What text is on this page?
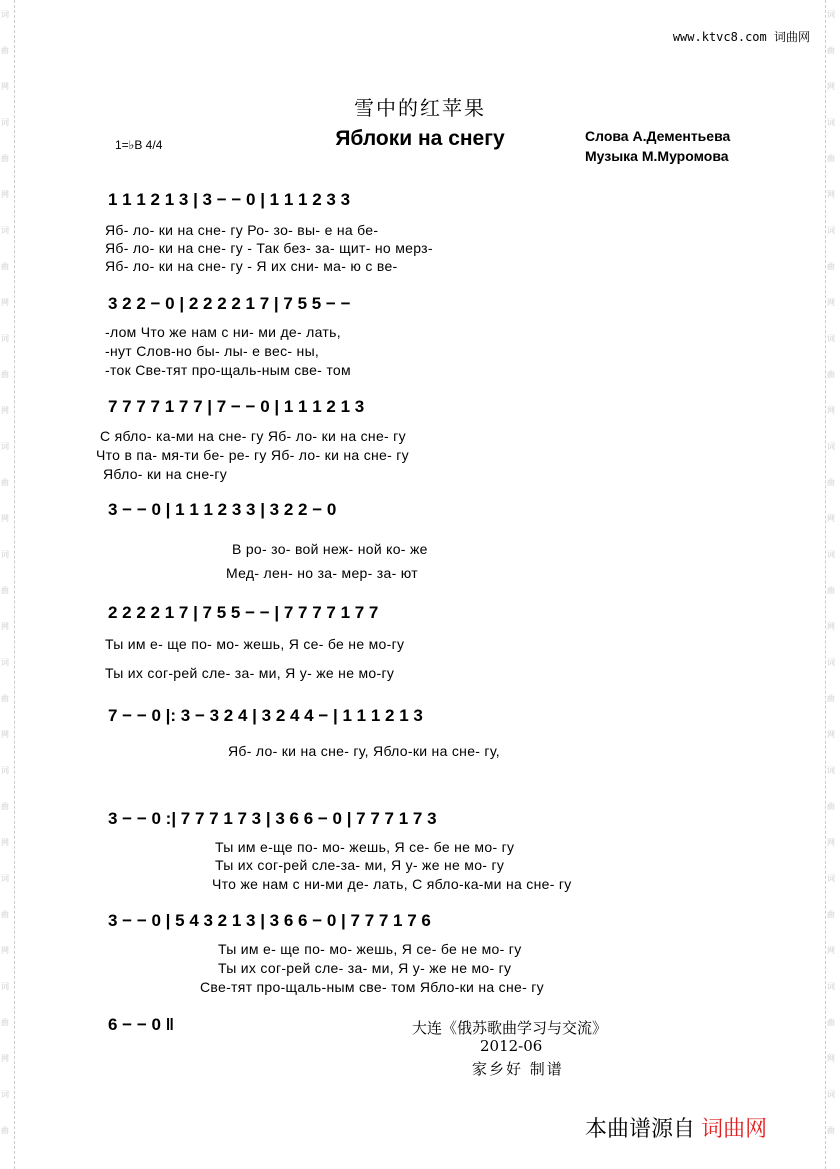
词
曲
网
词
曲
网
词
曲
网
词
曲
网
词
曲
网
词
曲
网
词
曲
网
词
曲
网
词
曲
网
词
曲
网
词
曲
词
曲
网
词
曲
网
词
曲
网
词
曲
网
词
曲
网
词
曲
网
词
曲
网
词
曲
网
词
曲
网
词
曲
网
词
曲
www.ktvc8.com 词曲网
雪中的红苹果
Яблоки на снегу	Слова А.Дементьева
Музыка М.Муромова
1=♭B 4/4
1 1 1 2 1 3 | 3 − − 0 | 1 1 1 2 3 3
Яб- ло- ки на сне- гу Ро- зо- вы- е на бе-
Яб- ло- ки на сне- гу - Так без- за- щит- но мерз-
Яб- ло- ки на сне- гу - Я их сни- ма- ю с ве-
3 2 2 − 0 | 2 2 2 2 1 7 | 7 5 5 − −
-лом Что же нам с ни- ми де- лать,
-нут Слов-но бы- лы- е вес- ны,
-ток Све-тят про-щаль-ным све- том
7 7 7 7 1 7 7 | 7 − − 0 | 1 1 1 2 1 3
С ябло- ка-ми на сне- гу Яб- ло- ки на сне- гу
Что в па- мя-ти бе- ре- гу Яб- ло- ки на сне- гу
Ябло- ки на сне-гу
3 − − 0 | 1 1 1 2 3 3 | 3 2 2 − 0
В ро- зо- вой неж- ной ко- же
Мед- лен- но за- мер- за- ют
2 2 2 2 1 7 | 7 5 5 − − | 7 7 7 7 1 7 7
Ты им е- ще по- мо- жешь, Я се- бе не мо-гу
Ты их сог-рей сле- за- ми, Я у- же не мо-гу
7 − − 0 |: 3 − 3 2 4 | 3 2 4 4 − | 1 1 1 2 1 3
Яб- ло- ки на сне- гу, Ябло-ки на сне- гу,
3 − − 0 :| 7 7 7 1 7 3 | 3 6 6 − 0 | 7 7 7 1 7 3
Ты им е-ще по- мо- жешь, Я се- бе не мо- гу
Ты их сог-рей сле-за- ми, Я у- же не мо- гу
Что же нам с ни-ми де- лать, С ябло-ка-ми на сне- гу
3 − − 0 | 5 4 3 2 1 3 | 3 6 6 − 0 | 7 7 7 1 7 6
Ты им е- ще по- мо- жешь, Я се- бе не мо- гу
Ты их сог-рей сле- за- ми, Я у- же не мо- гу
Све-тят про-щаль-ным све- том Ябло-ки на сне- гу
6 − − 0 ‖	大连《俄苏歌曲学习与交流》
2012-06
家乡好 制谱
本曲谱源自 词曲网
